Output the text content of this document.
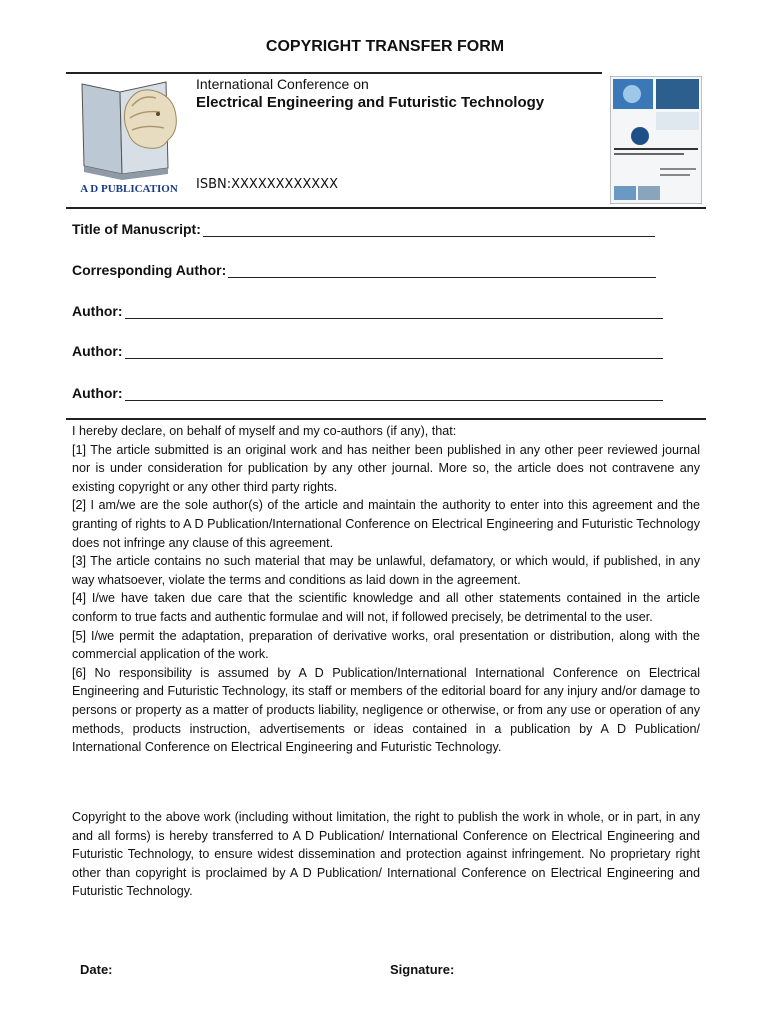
COPYRIGHT TRANSFER FORM
A D PUBLICATION
International Conference on
Electrical Engineering and Futuristic Technology
ISBN:XXXXXXXXXXXX
Title of Manuscript:
Corresponding Author:
Author:
Author:
Author:

I hereby declare, on behalf of myself and my co-authors (if any), that:

[1] The article submitted is an original work and has neither been published in any other peer reviewed journal nor is under consideration for publication by any other journal. More so, the article does not contravene any existing copyright or any other third party rights.

[2] I am/we are the sole author(s) of the article and maintain the authority to enter into this agreement and the granting of rights to A D Publication/International Conference on Electrical Engineering and Futuristic Technology does not infringe any clause of this agreement.

[3] The article contains no such material that may be unlawful, defamatory, or which would, if published, in any way whatsoever, violate the terms and conditions as laid down in the agreement.

[4] I/we have taken due care that the scientific knowledge and all other statements contained in the article conform to true facts and authentic formulae and will not, if followed precisely, be detrimental to the user.

[5] I/we permit the adaptation, preparation of derivative works, oral presentation or distribution, along with the commercial application of the work.

[6] No responsibility is assumed by A D Publication/International International Conference on Electrical Engineering and Futuristic Technology, its staff or members of the editorial board for any injury and/or damage to persons or property as a matter of products liability, negligence or otherwise, or from any use or operation of any methods, products instruction, advertisements or ideas contained in a publication by A D Publication/ International Conference on Electrical Engineering and Futuristic Technology.

Copyright to the above work (including without limitation, the right to publish the work in whole, or in part, in any and all forms) is hereby transferred to A D Publication/ International Conference on Electrical Engineering and Futuristic Technology, to ensure widest dissemination and protection against infringement. No proprietary right other than copyright is proclaimed by A D Publication/ International Conference on Electrical Engineering and Futuristic Technology.
Date:	Signature:
